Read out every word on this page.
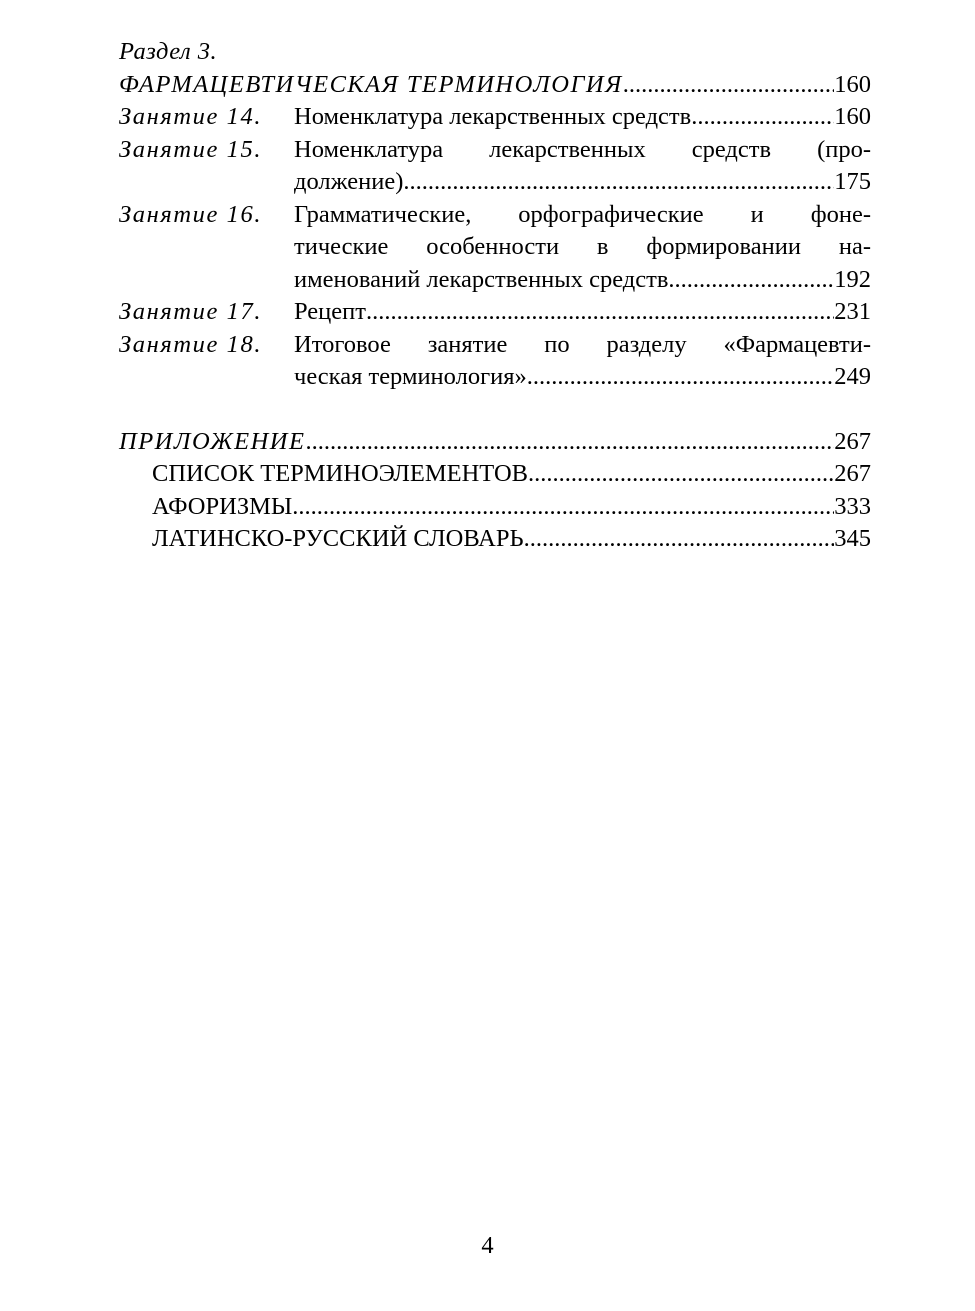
Раздел 3.
ФАРМАЦЕВТИЧЕСКАЯ ТЕРМИНОЛОГИЯ .....	160
Занятие 14.	Номенклатура лекарственных средств .....	160
Занятие 15.	Номенклатура лекарственных средств (про-
должение) .....	175
Занятие 16.	Грамматические, орфографические и фоне-
тические особенности в формировании на-
именований лекарственных средств .....	192
Занятие 17.	Рецепт .....	231
Занятие 18.	Итоговое занятие по разделу «Фармацевти-
ческая терминология» .....	249
ПРИЛОЖЕНИЕ .....	267
СПИСОК ТЕРМИНОЭЛЕМЕНТОВ .....	267
АФОРИЗМЫ .....	333
ЛАТИНСКО-РУССКИЙ СЛОВАРЬ .....	345
4
